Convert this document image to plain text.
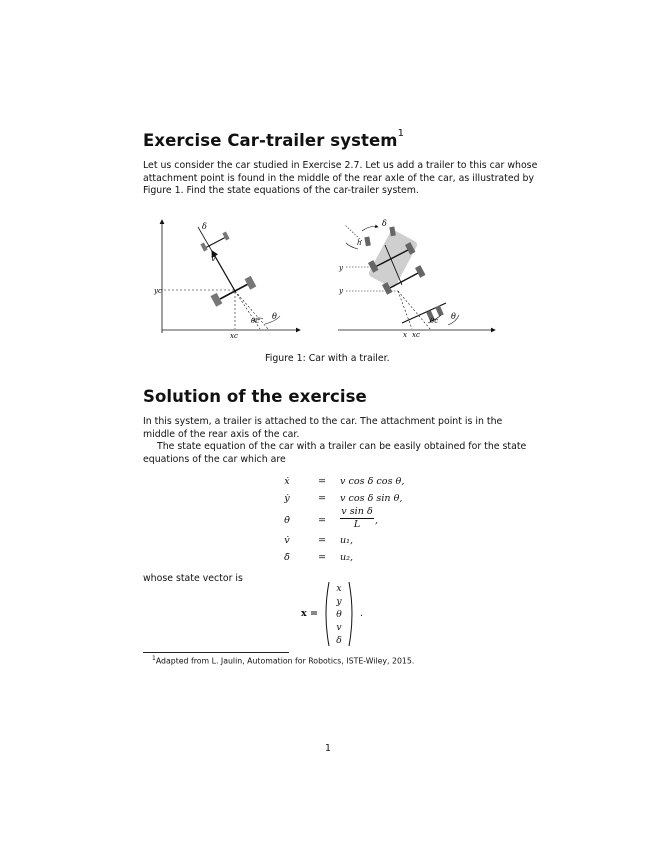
Exercise Car-trailer system$^1$
Let us consider the car studied in Exercise 2.7. Let us add a trailer to this car whose
attachment point is found in the middle of the rear axle of the car, as illustrated by
Figure 1. Find the state equations of the car-trailer system.
δ
v
yc
xc
θc θ
δ
h
y
y
x xc
θc θ
Figure 1: Car with a trailer.
Solution of the exercise
In this system, a trailer is attached to the car. The attachment point is in the
middle of the rear axis of the car.
The state equation of the car with a trailer can be easily obtained for the state
equations of the car which are
ẋ	= v cos δ cos θ,
ẏ	= v cos δ sin θ,
θ̇	= $\frac{\text{v sin δ}}{L}$ ,
v̇	= u₁,
δ̇	= u₂,
whose state vector is
x =
x
y
θ
v
δ
.
$^1$Adapted from L. Jaulin, Automation for Robotics, ISTE-Wiley, 2015.
1
